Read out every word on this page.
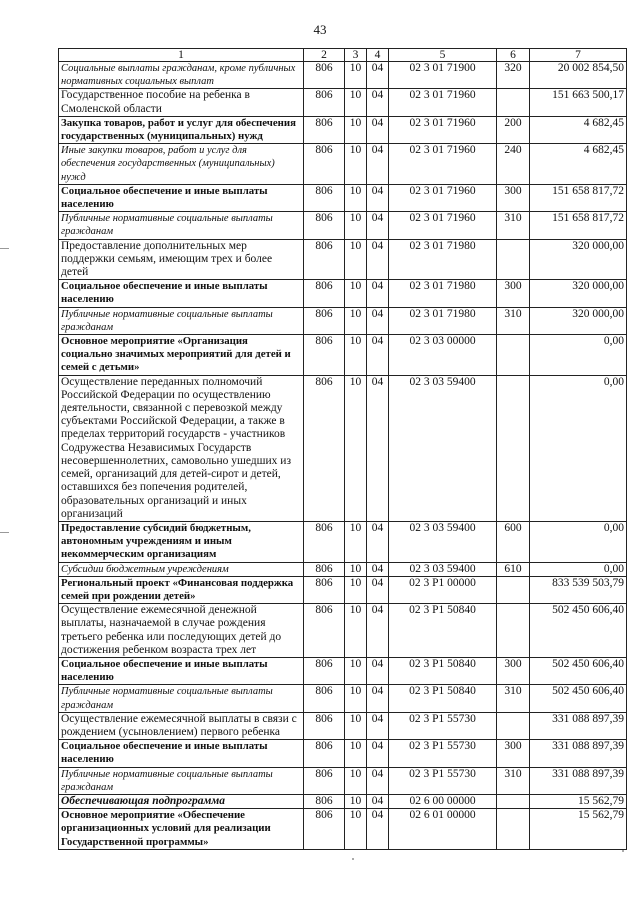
43
1	2	3	4	5	6	7
Социальные выплаты гражданам, кроме публичных нормативных социальных выплат	806	10	04	02 3 01 71900	320	20 002 854,50
Государственное пособие на ребенка в Смоленской области	806	10	04	02 3 01 71960		151 663 500,17
Закупка товаров, работ и услуг для обеспечения государственных (муниципальных) нужд	806	10	04	02 3 01 71960	200	4 682,45
Иные закупки товаров, работ и услуг для обеспечения государственных (муниципальных) нужд	806	10	04	02 3 01 71960	240	4 682,45
Социальное обеспечение и иные выплаты населению	806	10	04	02 3 01 71960	300	151 658 817,72
Публичные нормативные социальные выплаты гражданам	806	10	04	02 3 01 71960	310	151 658 817,72
Предоставление дополнительных мер поддержки семьям, имеющим трех и более детей	806	10	04	02 3 01 71980		320 000,00
Социальное обеспечение и иные выплаты населению	806	10	04	02 3 01 71980	300	320 000,00
Публичные нормативные социальные выплаты гражданам	806	10	04	02 3 01 71980	310	320 000,00
Основное мероприятие «Организация социально значимых мероприятий для детей и семей с детьми»	806	10	04	02 3 03 00000		0,00
Осуществление переданных полномочий Российской Федерации по осуществлению деятельности, связанной с перевозкой между субъектами Российской Федерации, а также в пределах территорий государств - участников Содружества Независимых Государств несовершеннолетних, самовольно ушедших из семей, организаций для детей-сирот и детей, оставшихся без попечения родителей, образовательных организаций и иных организаций	806	10	04	02 3 03 59400		0,00
Предоставление субсидий бюджетным, автономным учреждениям и иным некоммерческим организациям	806	10	04	02 3 03 59400	600	0,00
Субсидии бюджетным учреждениям	806	10	04	02 3 03 59400	610	0,00
Региональный проект «Финансовая поддержка семей при рождении детей»	806	10	04	02 3 P1 00000		833 539 503,79
Осуществление ежемесячной денежной выплаты, назначаемой в случае рождения третьего ребенка или последующих детей до достижения ребенком возраста трех лет	806	10	04	02 3 P1 50840		502 450 606,40
Социальное обеспечение и иные выплаты населению	806	10	04	02 3 P1 50840	300	502 450 606,40
Публичные нормативные социальные выплаты гражданам	806	10	04	02 3 P1 50840	310	502 450 606,40
Осуществление ежемесячной выплаты в связи с рождением (усыновлением) первого ребенка	806	10	04	02 3 P1 55730		331 088 897,39
Социальное обеспечение и иные выплаты населению	806	10	04	02 3 P1 55730	300	331 088 897,39
Публичные нормативные социальные выплаты гражданам	806	10	04	02 3 P1 55730	310	331 088 897,39
Обеспечивающая подпрограмма	806	10	04	02 6 00 00000		15 562,79
Основное мероприятие «Обеспечение организационных условий для реализации Государственной программы»	806	10	04	02 6 01 00000		15 562,79
